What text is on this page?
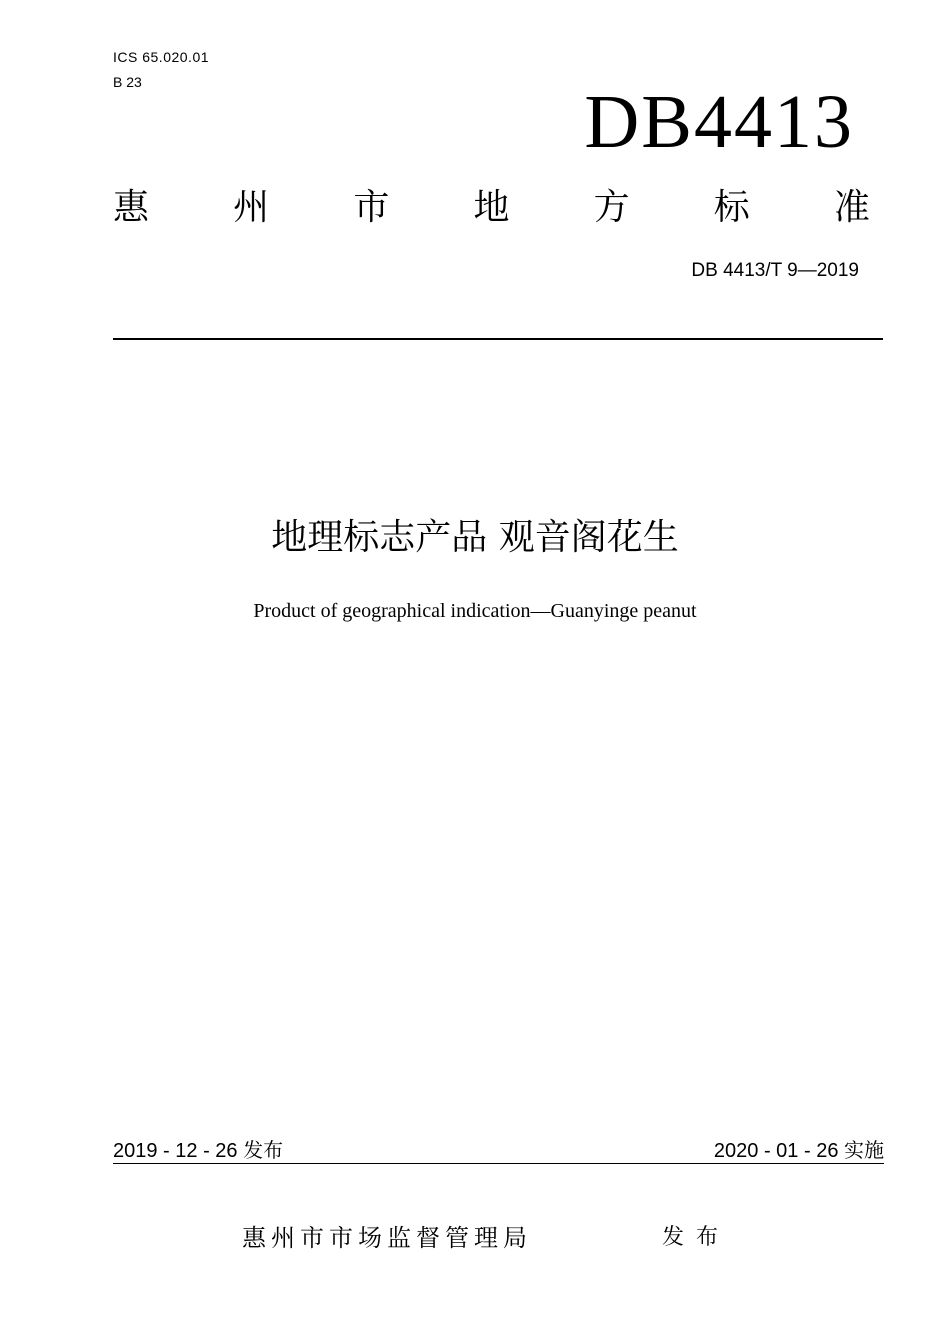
ICS 65.020.01
B 23	DB4413
惠 州 市 地 方 标 准
DB 4413/T 9—2019
地理标志产品 观音阁花生
Product of geographical indication—Guanyinge peanut
2019 - 12 - 26 发布	2020 - 01 - 26 实施
惠州市市场监督管理局	发布
